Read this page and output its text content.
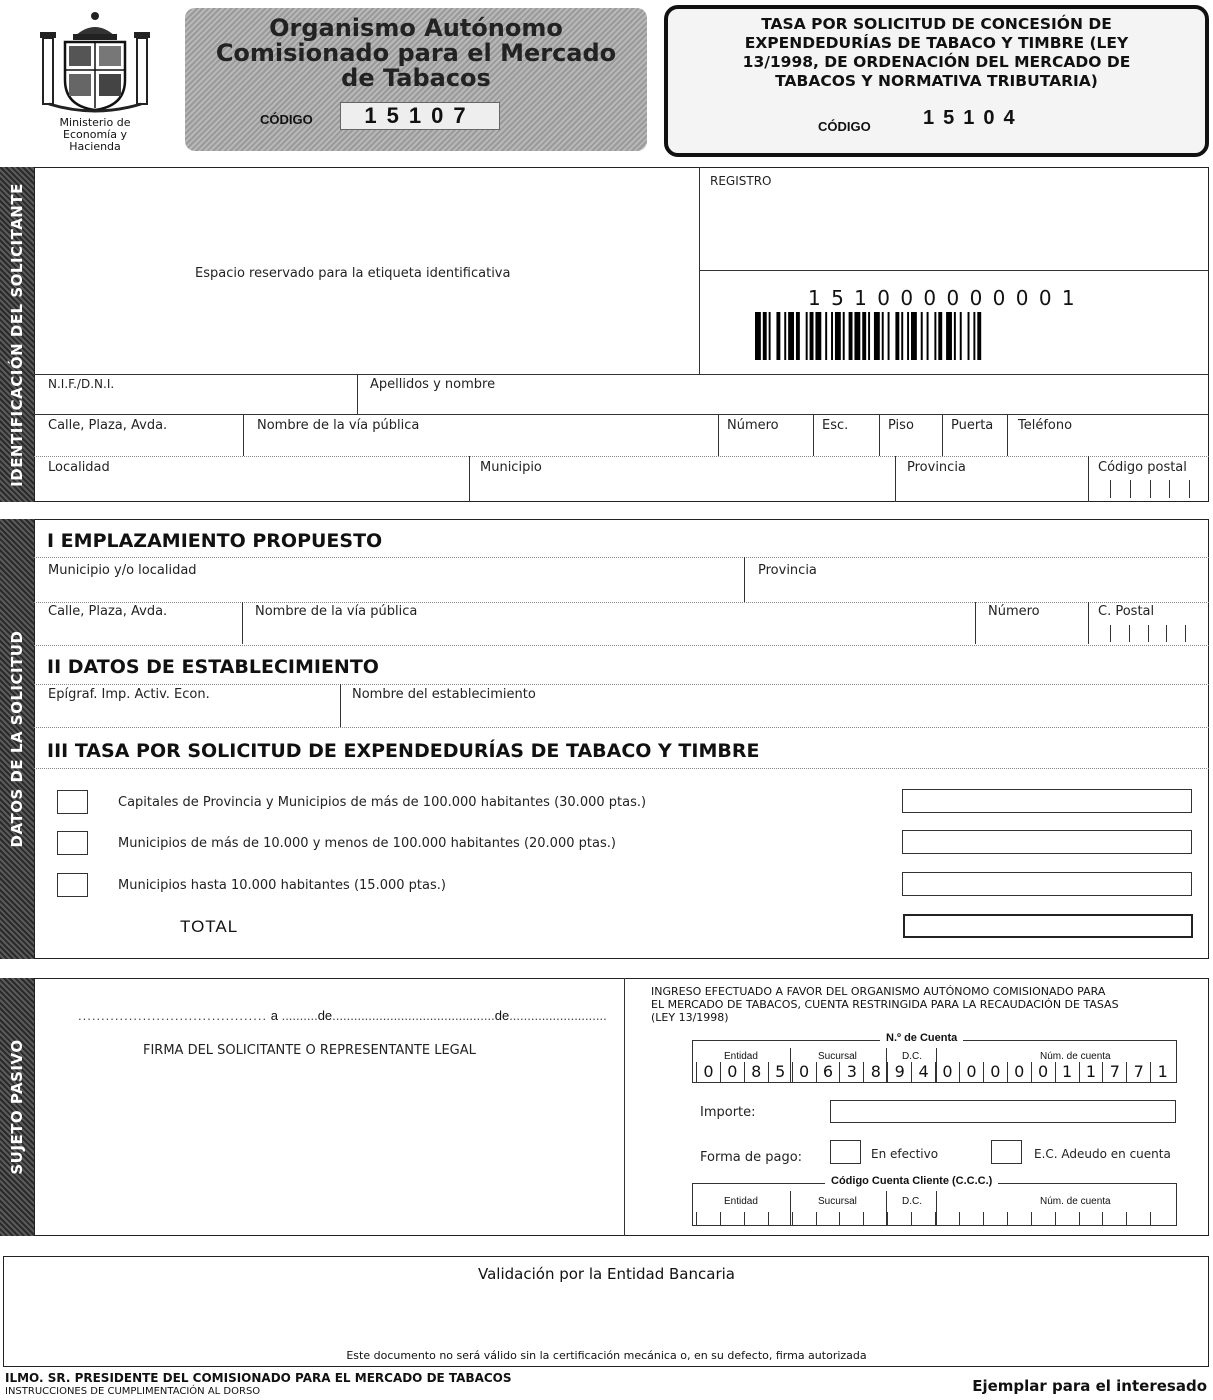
Ministerio de
Economía y
Hacienda
Organismo Autónomo
Comisionado para el Mercado
de Tabacos
CÓDIGO	15107
TASA POR SOLICITUD DE CONCESIÓN DE
EXPENDEDURÍAS DE TABACO Y TIMBRE (LEY
13/1998, DE ORDENACIÓN DEL MERCADO DE
TABACOS Y NORMATIVA TRIBUTARIA)
CÓDIGO	15104
IDENTIFICACIÓN DEL SOLICITANTE	Espacio reservado para la etiqueta identificativa
REGISTRO
1 5 1 0 0 0 0 0 0 0 0 1
N.I.F./D.N.I.	Apellidos y nombre
Calle, Plaza, Avda.	Nombre de la vía pública	Número	Esc.	Piso	Puerta Teléfono
Localidad	Municipio	Provincia	Código postal
DATOS DE LA SOLICITUD
I EMPLAZAMIENTO PROPUESTO
Municipio y/o localidad	Provincia
Calle, Plaza, Avda.	Nombre de la vía pública	Número	C. Postal
II DATOS DE ESTABLECIMIENTO
Epígraf. Imp. Activ. Econ.	Nombre del establecimiento
III TASA POR SOLICITUD DE EXPENDEDURÍAS DE TABACO Y TIMBRE
Capitales de Provincia y Municipios de más de 100.000 habitantes (30.000 ptas.)
Municipios de más de 10.000 y menos de 100.000 habitantes (20.000 ptas.)
Municipios hasta 10.000 habitantes (15.000 ptas.)
TOTAL
SUJETO PASIVO
......................................... a ..........de.............................................de...........................
FIRMA DEL SOLICITANTE O REPRESENTANTE LEGAL
INGRESO EFECTUADO A FAVOR DEL ORGANISMO AUTÓNOMO COMISIONADO PARA
EL MERCADO DE TABACOS, CUENTA RESTRINGIDA PARA LA RECAUDACIÓN DE TASAS
(LEY 13/1998)
N.º de Cuenta
Entidad	Sucursal	D.C.	Núm. de cuenta
0 0 8 5 0 6 3 8 9 4 0 0 0 0 0 1 1 7 7 1
Importe:
Forma de pago:	En efectivo	E.C. Adeudo en cuenta
Código Cuenta Cliente (C.C.C.)
Entidad	Sucursal	D.C.	Núm. de cuenta
Validación por la Entidad Bancaria
Este documento no será válido sin la certificación mecánica o, en su defecto, firma autorizada
ILMO. SR. PRESIDENTE DEL COMISIONADO PARA EL MERCADO DE TABACOS
INSTRUCCIONES DE CUMPLIMENTACIÓN AL DORSO	Ejemplar para el interesado
